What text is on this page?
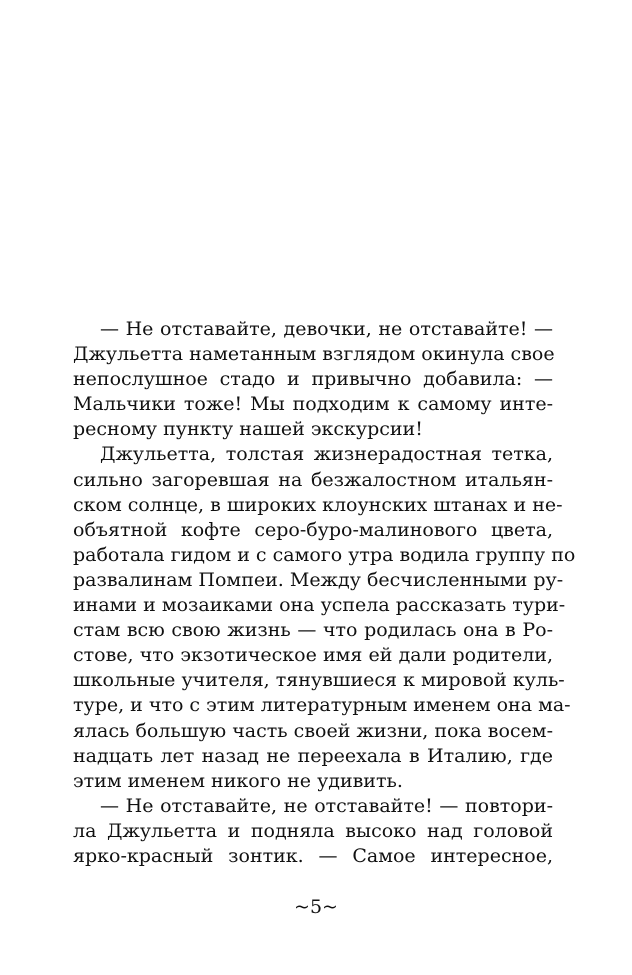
— Не отставайте, девочки, не отставайте! —
Джульетта наметанным взглядом окинула свое
непослушное стадо и привычно добавила: —
Мальчики тоже! Мы подходим к самому инте-
ресному пункту нашей экскурсии!
Джульетта, толстая жизнерадостная тетка,
сильно загоревшая на безжалостном итальян-
ском солнце, в широких клоунских штанах и не-
объятной кофте серо-буро-малинового цвета,
работала гидом и с самого утра водила группу по
развалинам Помпеи. Между бесчисленными ру-
инами и мозаиками она успела рассказать тури-
стам всю свою жизнь — что родилась она в Ро-
стове, что экзотическое имя ей дали родители,
школьные учителя, тянувшиеся к мировой куль-
туре, и что с этим литературным именем она ма-
ялась большую часть своей жизни, пока восем-
надцать лет назад не переехала в Италию, где
этим именем никого не удивить.
— Не отставайте, не отставайте! — повтори-
ла Джульетта и подняла высоко над головой
ярко-красный зонтик. — Самое интересное,
~5~
